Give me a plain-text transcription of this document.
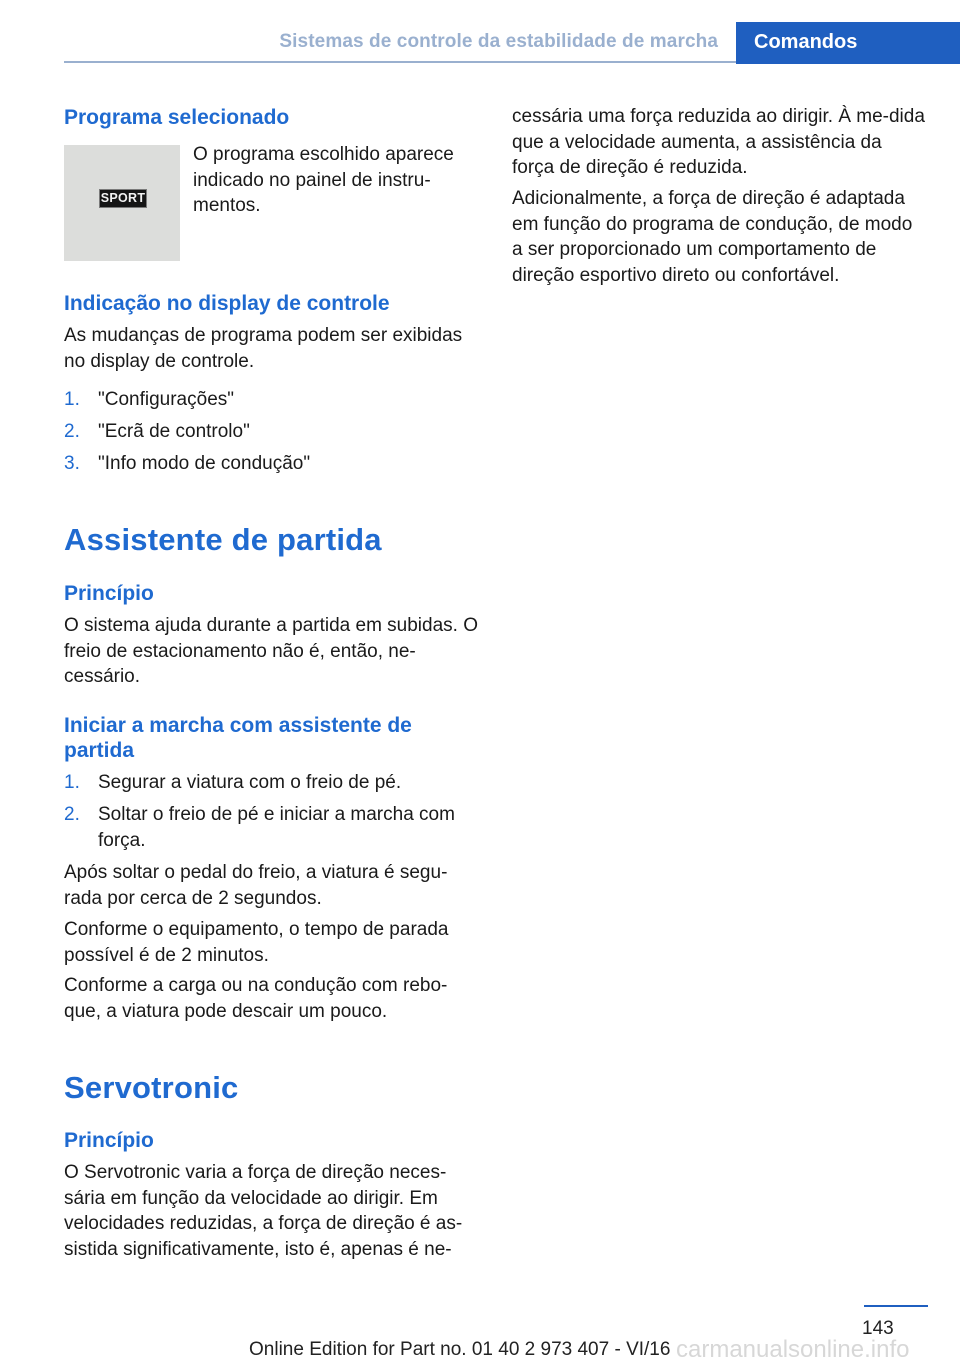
Sistemas de controle da estabilidade de marcha	Comandos
Programa selecionado
SPORT

O programa escolhido aparece indicado no painel de instru-mentos.

Indicação no display de controle

As mudanças de programa podem ser exibidas no display de controle.

1. "Configurações"
2. "Ecrã de controlo"
3. "Info modo de condução"
Assistente de partida
Princípio

O sistema ajuda durante a partida em subidas. O freio de estacionamento não é, então, ne-cessário.

Iniciar a marcha com assistente de partida
1. Segurar a viatura com o freio de pé.
2. Soltar o freio de pé e iniciar a marcha com força.

Após soltar o pedal do freio, a viatura é segu-rada por cerca de 2 segundos.

Conforme o equipamento, o tempo de parada possível é de 2 minutos.

Conforme a carga ou na condução com rebo-que, a viatura pode descair um pouco.

Servotronic
Princípio

O Servotronic varia a força de direção neces-sária em função da velocidade ao dirigir. Em velocidades reduzidas, a força de direção é as-sistida significativamente, isto é, apenas é ne-

cessária uma força reduzida ao dirigir. À me-dida que a velocidade aumenta, a assistência da força de direção é reduzida.

Adicionalmente, a força de direção é adaptada em função do programa de condução, de modo a ser proporcionado um comportamento de direção esportivo direto ou confortável.

143
Online Edition for Part no. 01 40 2 973 407 - VI/16 carmanualsonline.info
